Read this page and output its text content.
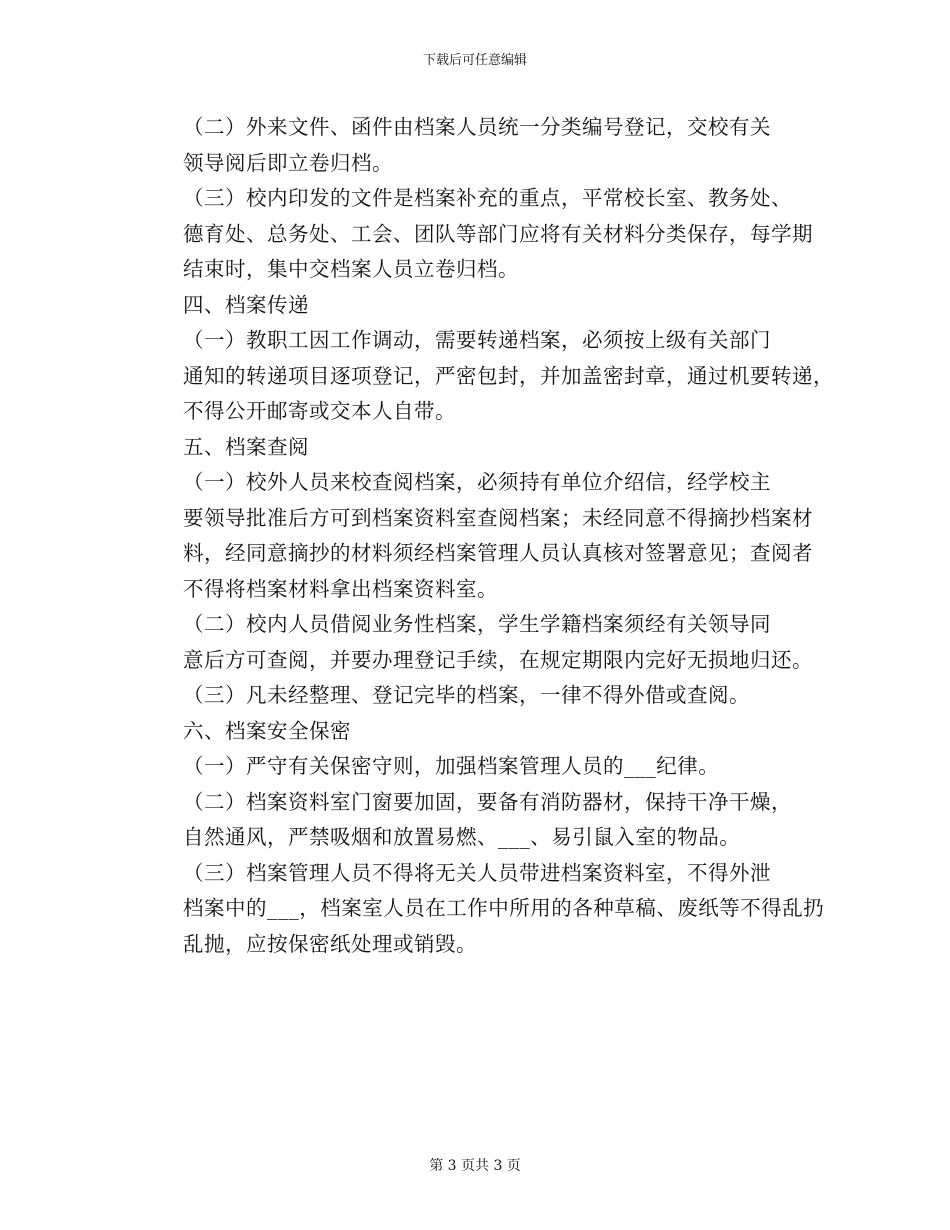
下载后可任意编辑

（二）外来文件、函件由档案人员统一分类编号登记，交校有关
领导阅后即立卷归档。

（三）校内印发的文件是档案补充的重点，平常校长室、教务处、
德育处、总务处、工会、团队等部门应将有关材料分类保存，每学期
结束时，集中交档案人员立卷归档。

四、档案传递

（一）教职工因工作调动，需要转递档案，必须按上级有关部门
通知的转递项目逐项登记，严密包封，并加盖密封章，通过机要转递，
不得公开邮寄或交本人自带。

五、档案查阅

（一）校外人员来校查阅档案，必须持有单位介绍信，经学校主
要领导批准后方可到档案资料室查阅档案；未经同意不得摘抄档案材
料，经同意摘抄的材料须经档案管理人员认真核对签署意见；查阅者
不得将档案材料拿出档案资料室。

（二）校内人员借阅业务性档案，学生学籍档案须经有关领导同
意后方可查阅，并要办理登记手续，在规定期限内完好无损地归还。

（三）凡未经整理、登记完毕的档案，一律不得外借或查阅。

六、档案安全保密

（一）严守有关保密守则，加强档案管理人员的___纪律。

（二）档案资料室门窗要加固，要备有消防器材，保持干净干燥，
自然通风，严禁吸烟和放置易燃、___、易引鼠入室的物品。

（三）档案管理人员不得将无关人员带进档案资料室，不得外泄
档案中的___，档案室人员在工作中所用的各种草稿、废纸等不得乱扔
乱抛，应按保密纸处理或销毁。

第 3 页共 3 页
